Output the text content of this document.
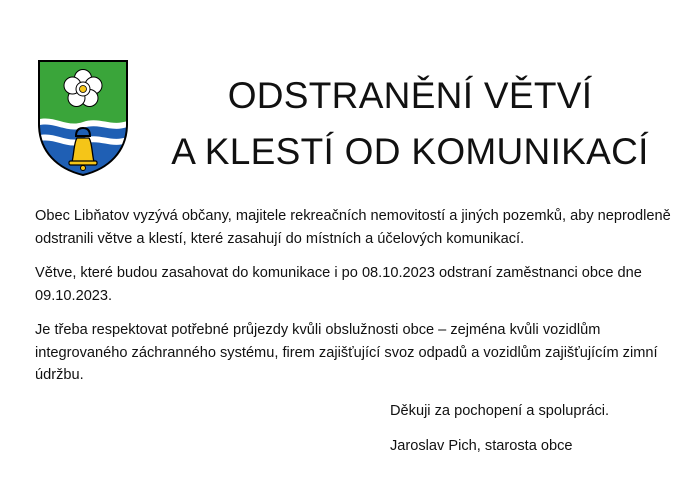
ODSTRANĚNÍ VĚTVÍ
A KLESTÍ OD KOMUNIKACÍ

Obec Libňatov vyzývá občany, majitele rekreačních nemovitostí a jiných pozemků, aby neprodleně odstranili větve a klestí, které zasahují do místních a účelových komunikací.

Větve, které budou zasahovat do komunikace i po 08.10.2023 odstraní zaměstnanci obce dne 09.10.2023.

Je třeba respektovat potřebné průjezdy kvůli obslužnosti obce – zejména kvůli vozidlům integrovaného záchranného systému, firem zajišťující svoz odpadů a vozidlům zajišťujícím zimní údržbu.

Děkuji za pochopení a spolupráci.

Jaroslav Pich, starosta obce
